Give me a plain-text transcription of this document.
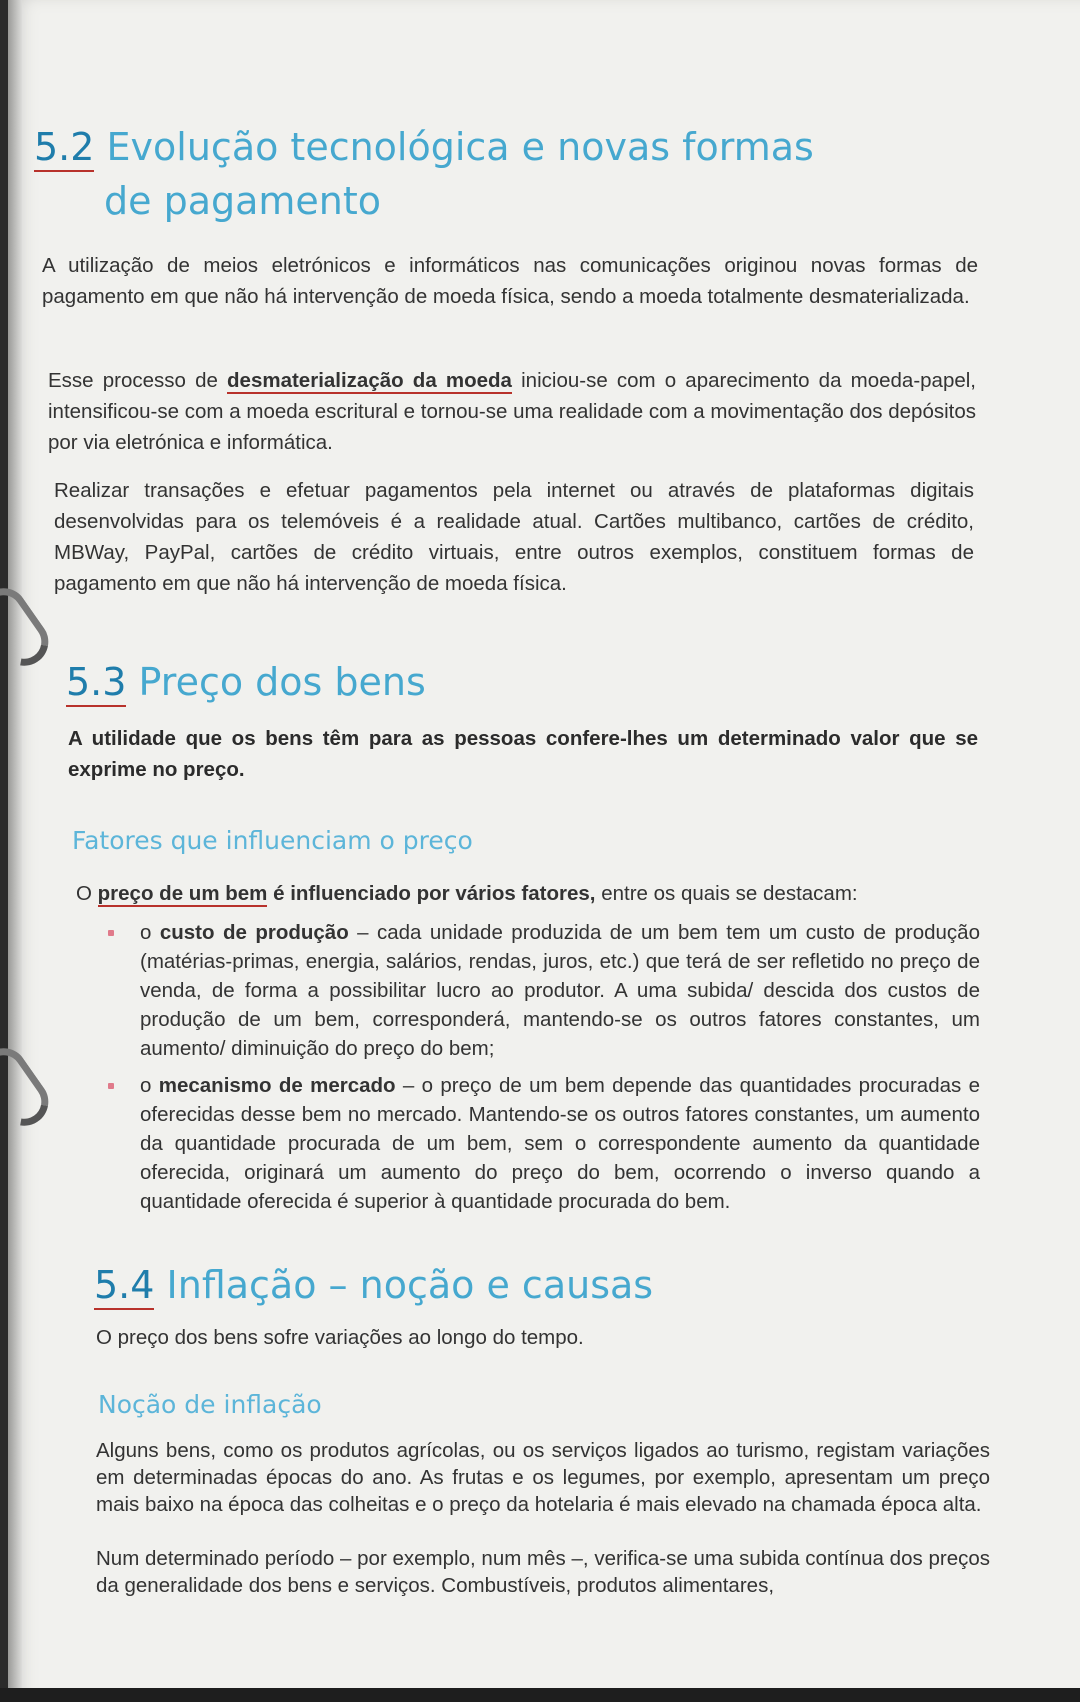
5.2 Evolução tecnológica e novas formas
de pagamento

A utilização de meios eletrónicos e informáticos nas comunicações originou novas formas de pagamento em que não há intervenção de moeda física, sendo a moeda totalmente desmaterializada.

Esse processo de desmaterialização da moeda iniciou-se com o aparecimento da moeda-papel, intensificou-se com a moeda escritural e tornou-se uma realidade com a movimentação dos depósitos por via eletrónica e informática.

Realizar transações e efetuar pagamentos pela internet ou através de plataformas digitais desenvolvidas para os telemóveis é a realidade atual. Cartões multibanco, cartões de crédito, MBWay, PayPal, cartões de crédito virtuais, entre outros exemplos, constituem formas de pagamento em que não há intervenção de moeda física.

5.3 Preço dos bens

A utilidade que os bens têm para as pessoas confere-lhes um determinado valor que se exprime no preço.

Fatores que influenciam o preço

O preço de um bem é influenciado por vários fatores, entre os quais se destacam:

o custo de produção – cada unidade produzida de um bem tem um custo de produção (matérias-primas, energia, salários, rendas, juros, etc.) que terá de ser refletido no preço de venda, de forma a possibilitar lucro ao produtor. A uma subida/ descida dos custos de produção de um bem, corresponderá, mantendo-se os outros fatores constantes, um aumento/ diminuição do preço do bem;
o mecanismo de mercado – o preço de um bem depende das quantidades procuradas e oferecidas desse bem no mercado. Mantendo-se os outros fatores constantes, um aumento da quantidade procurada de um bem, sem o correspondente aumento da quantidade oferecida, originará um aumento do preço do bem, ocorrendo o inverso quando a quantidade oferecida é superior à quantidade procurada do bem.
5.4 Inflação – noção e causas

O preço dos bens sofre variações ao longo do tempo.

Noção de inflação

Alguns bens, como os produtos agrícolas, ou os serviços ligados ao turismo, registam variações em determinadas épocas do ano. As frutas e os legumes, por exemplo, apresentam um preço mais baixo na época das colheitas e o preço da hotelaria é mais elevado na chamada época alta.

Num determinado período – por exemplo, num mês –, verifica-se uma subida contínua dos preços da generalidade dos bens e serviços. Combustíveis, produtos alimentares,
